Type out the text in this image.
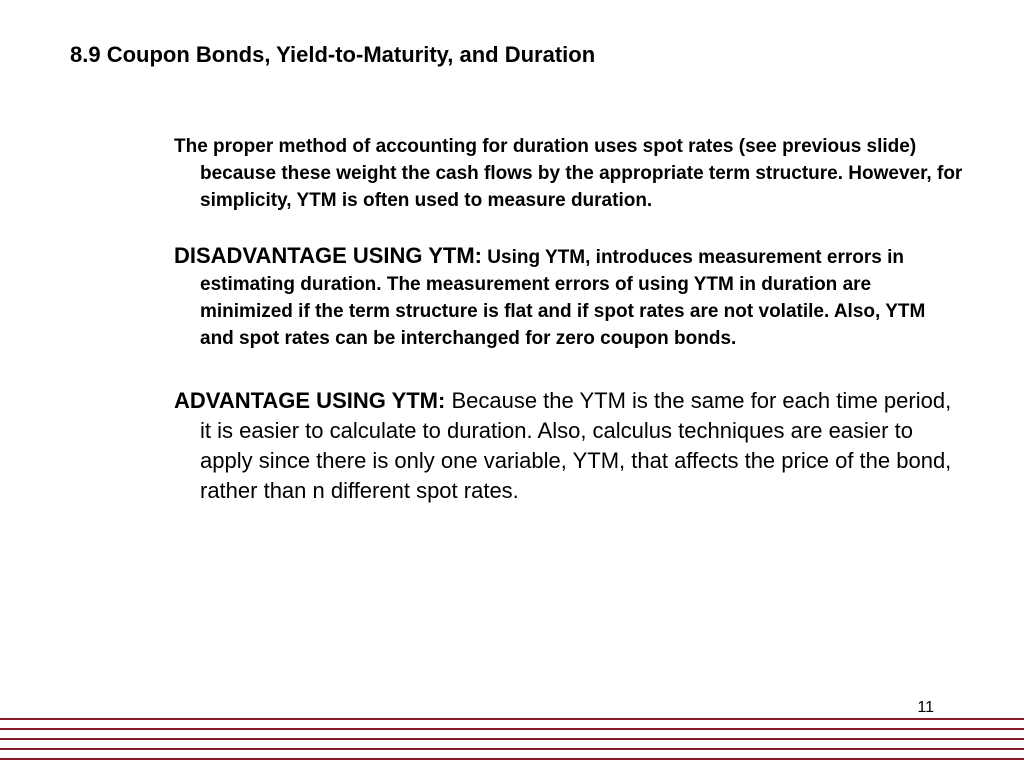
8.9 Coupon Bonds, Yield-to-Maturity, and Duration
The proper method of accounting for duration uses spot rates (see previous slide) because these weight the cash flows by the appropriate term structure. However, for simplicity, YTM is often used to measure duration.
DISADVANTAGE USING YTM: Using YTM, introduces measurement errors in estimating duration. The measurement errors of using YTM in duration are minimized if the term structure is flat and if spot rates are not volatile. Also, YTM and spot rates can be interchanged for zero coupon bonds.
ADVANTAGE USING YTM: Because the YTM is the same for each time period, it is easier to calculate to duration. Also, calculus techniques are easier to apply since there is only one variable, YTM, that affects the price of the bond, rather than n different spot rates.
11
